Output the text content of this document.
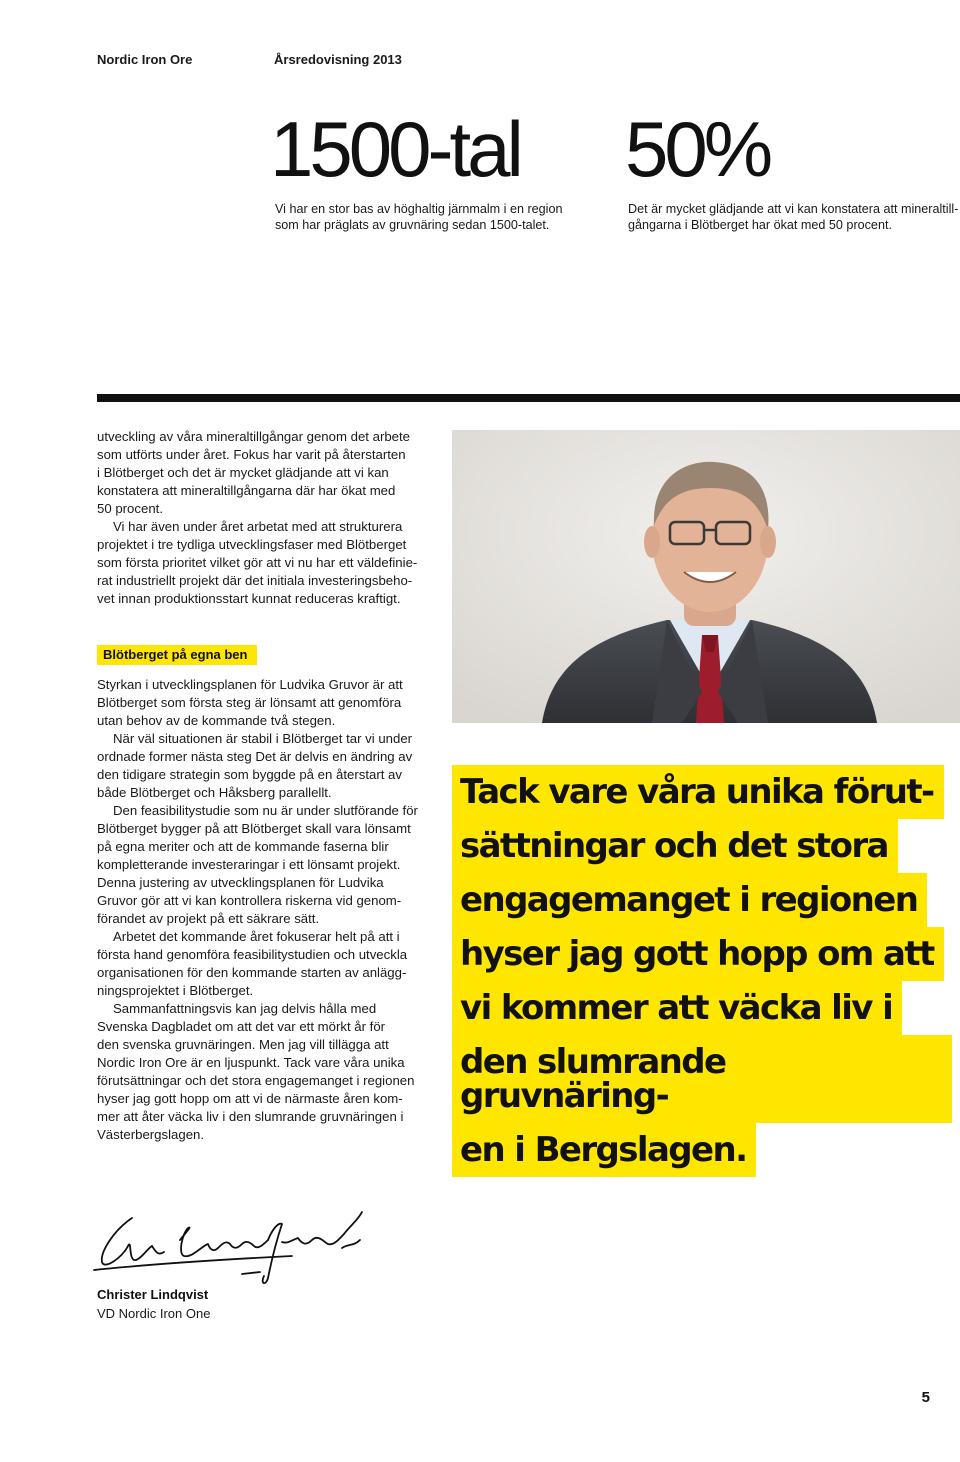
Nordic Iron Ore	Årsredovisning 2013
1500-tal
Vi har en stor bas av höghaltig järnmalm i en region
som har präglats av gruvnäring sedan 1500-talet.
50%
Det är mycket glädjande att vi kan konstatera att mineraltill-
gångarna i Blötberget har ökat med 50 procent.

utveckling av våra mineraltillgångar genom det arbete
som utförts under året. Fokus har varit på återstarten
i Blötberget och det är mycket glädjande att vi kan
konstatera att mineraltillgångarna där har ökat med
50 procent.

Vi har även under året arbetat med att strukturera
projektet i tre tydliga utvecklingsfaser med Blötberget
som första prioritet vilket gör att vi nu har ett väldefinie-
rat industriellt projekt där det initiala investeringsbeho-
vet innan produktionsstart kunnat reduceras kraftigt.

Blötberget på egna ben

Styrkan i utvecklingsplanen för Ludvika Gruvor är att
Blötberget som första steg är lönsamt att genomföra
utan behov av de kommande två stegen.

När väl situationen är stabil i Blötberget tar vi under
ordnade former nästa steg Det är delvis en ändring av
den tidigare strategin som byggde på en återstart av
både Blötberget och Håksberg parallellt.

Den feasibilitystudie som nu är under slutförande för
Blötberget bygger på att Blötberget skall vara lönsamt
på egna meriter och att de kommande faserna blir
kompletterande investeraringar i ett lönsamt projekt.
Denna justering av utvecklingsplanen för Ludvika
Gruvor gör att vi kan kontrollera riskerna vid genom-
förandet av projekt på ett säkrare sätt.

Arbetet det kommande året fokuserar helt på att i
första hand genomföra feasibilitystudien och utveckla
organisationen för den kommande starten av anlägg-
ningsprojektet i Blötberget.

Sammanfattningsvis kan jag delvis hålla med
Svenska Dagbladet om att det var ett mörkt år för
den svenska gruvnäringen. Men jag vill tillägga att
Nordic Iron Ore är en ljuspunkt. Tack vare våra unika
förutsättningar och det stora engagemanget i regionen
hyser jag gott hopp om att vi de närmaste åren kom-
mer att åter väcka liv i den slumrande gruvnäringen i
Västerbergslagen.

Tack vare våra unika förut-
sättningar och det stora
engagemanget i regionen
hyser jag gott hopp om att
vi kommer att väcka liv i
den slumrande gruvnäring-
en i Bergslagen.
Christer Lindqvist
VD Nordic Iron One
5
